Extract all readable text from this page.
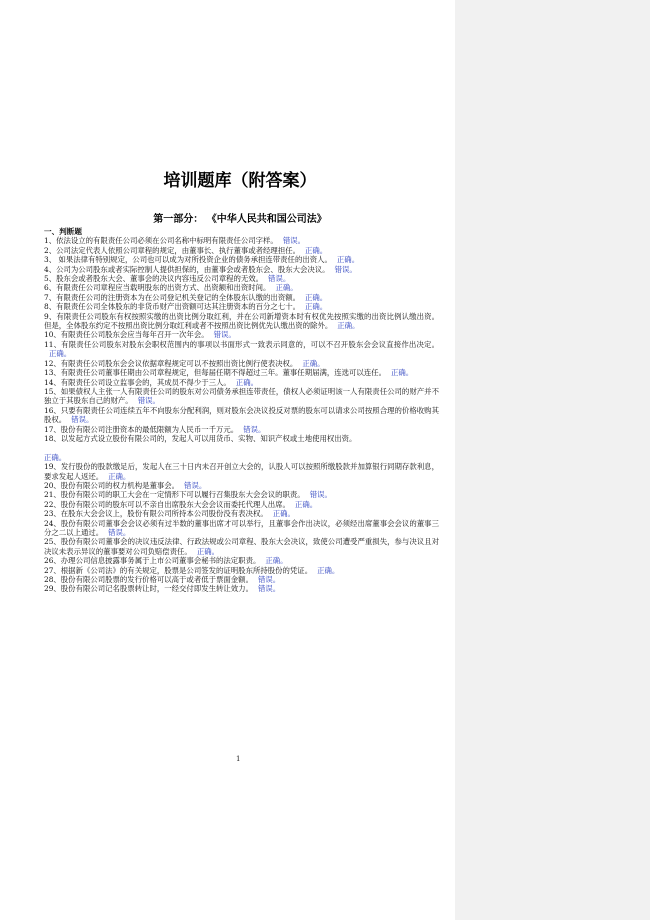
培训题库（附答案）
第一部分： 《中华人民共和国公司法》
一、判断题

1、依法设立的有限责任公司必须在公司名称中标明有限责任公司字样。 错误。

2、公司法定代表人依照公司章程的规定，由董事长、执行董事或者经理担任。 正确。

3、 如果法律有特别规定，公司也可以成为对所投资企业的债务承担连带责任的出资人。 正确。

4、公司为公司股东或者实际控制人提供担保的，由董事会或者股东会、股东大会决议。 错误。

5、股东会或者股东大会、董事会的决议内容违反公司章程的无效。 错误。

6、有限责任公司章程应当载明股东的出资方式、出资额和出资时间。 正确。

7、有限责任公司的注册资本为在公司登记机关登记的全体股东认缴的出资额。 正确。

8、有限责任公司全体股东的非货币财产出资额可达其注册资本的百分之七十。 正确。

9、有限责任公司股东有权按照实缴的出资比例分取红利，并在公司新增资本时有权优先按照实缴的出资比例认缴出资。但是，全体股东约定不按照出资比例分取红利或者不按照出资比例优先认缴出资的除外。 正确。

10、有限责任公司股东会应当每年召开一次年会。 错误。

11、有限责任公司股东对股东会职权范围内的事项以书面形式一致表示同意的，可以不召开股东会会议直接作出决定。正确。

12、有限责任公司股东会会议依据章程规定可以不按照出资比例行使表决权。 正确。

13、有限责任公司董事任期由公司章程规定，但每届任期不得超过三年。董事任期届满，连选可以连任。 正确。

14、有限责任公司设立监事会的，其成员不得少于三人。 正确。

15、如果债权人主张一人有限责任公司的股东对公司债务承担连带责任，债权人必须证明该一人有限责任公司的财产并不独立于其股东自己的财产。 错误。

16、只要有限责任公司连续五年不向股东分配利润，则对股东会决议投反对票的股东可以请求公司按照合理的价格收购其股权。 错误。

17、股份有限公司注册资本的最低限额为人民币一千万元。 错误。

18、以发起方式设立股份有限公司的，发起人可以用货币、实物、知识产权或土地使用权出资。

正确。

19、发行股份的股款缴足后，发起人在三十日内未召开创立大会的，认股人可以按照所缴股款并加算银行同期存款利息，要求发起人返还。 正确。

20、股份有限公司的权力机构是董事会。 错误。

21、股份有限公司的职工大会在一定情形下可以履行召集股东大会会议的职责。 错误。

22、股份有限公司的股东可以不亲自出席股东大会会议而委托代理人出席。 正确。

23、在股东大会会议上，股份有限公司所持本公司股份没有表决权。 正确。

24、股份有限公司董事会会议必须有过半数的董事出席才可以举行，且董事会作出决议，必须经出席董事会会议的董事三分之二以上通过。 错误。

25、股份有限公司董事会的决议违反法律、行政法规或公司章程、股东大会决议，致使公司遭受严重损失，参与决议且对决议未表示异议的董事要对公司负赔偿责任。 正确。

26、办理公司信息披露事务属于上市公司董事会秘书的法定职责。 正确。

27、根据新《公司法》的有关规定，股票是公司签发的证明股东所持股份的凭证。 正确。

28、股份有限公司股票的发行价格可以高于或者低于票面金额。 错误。

29、股份有限公司记名股票转让时，一经交付即发生转让效力。 错误。

1
